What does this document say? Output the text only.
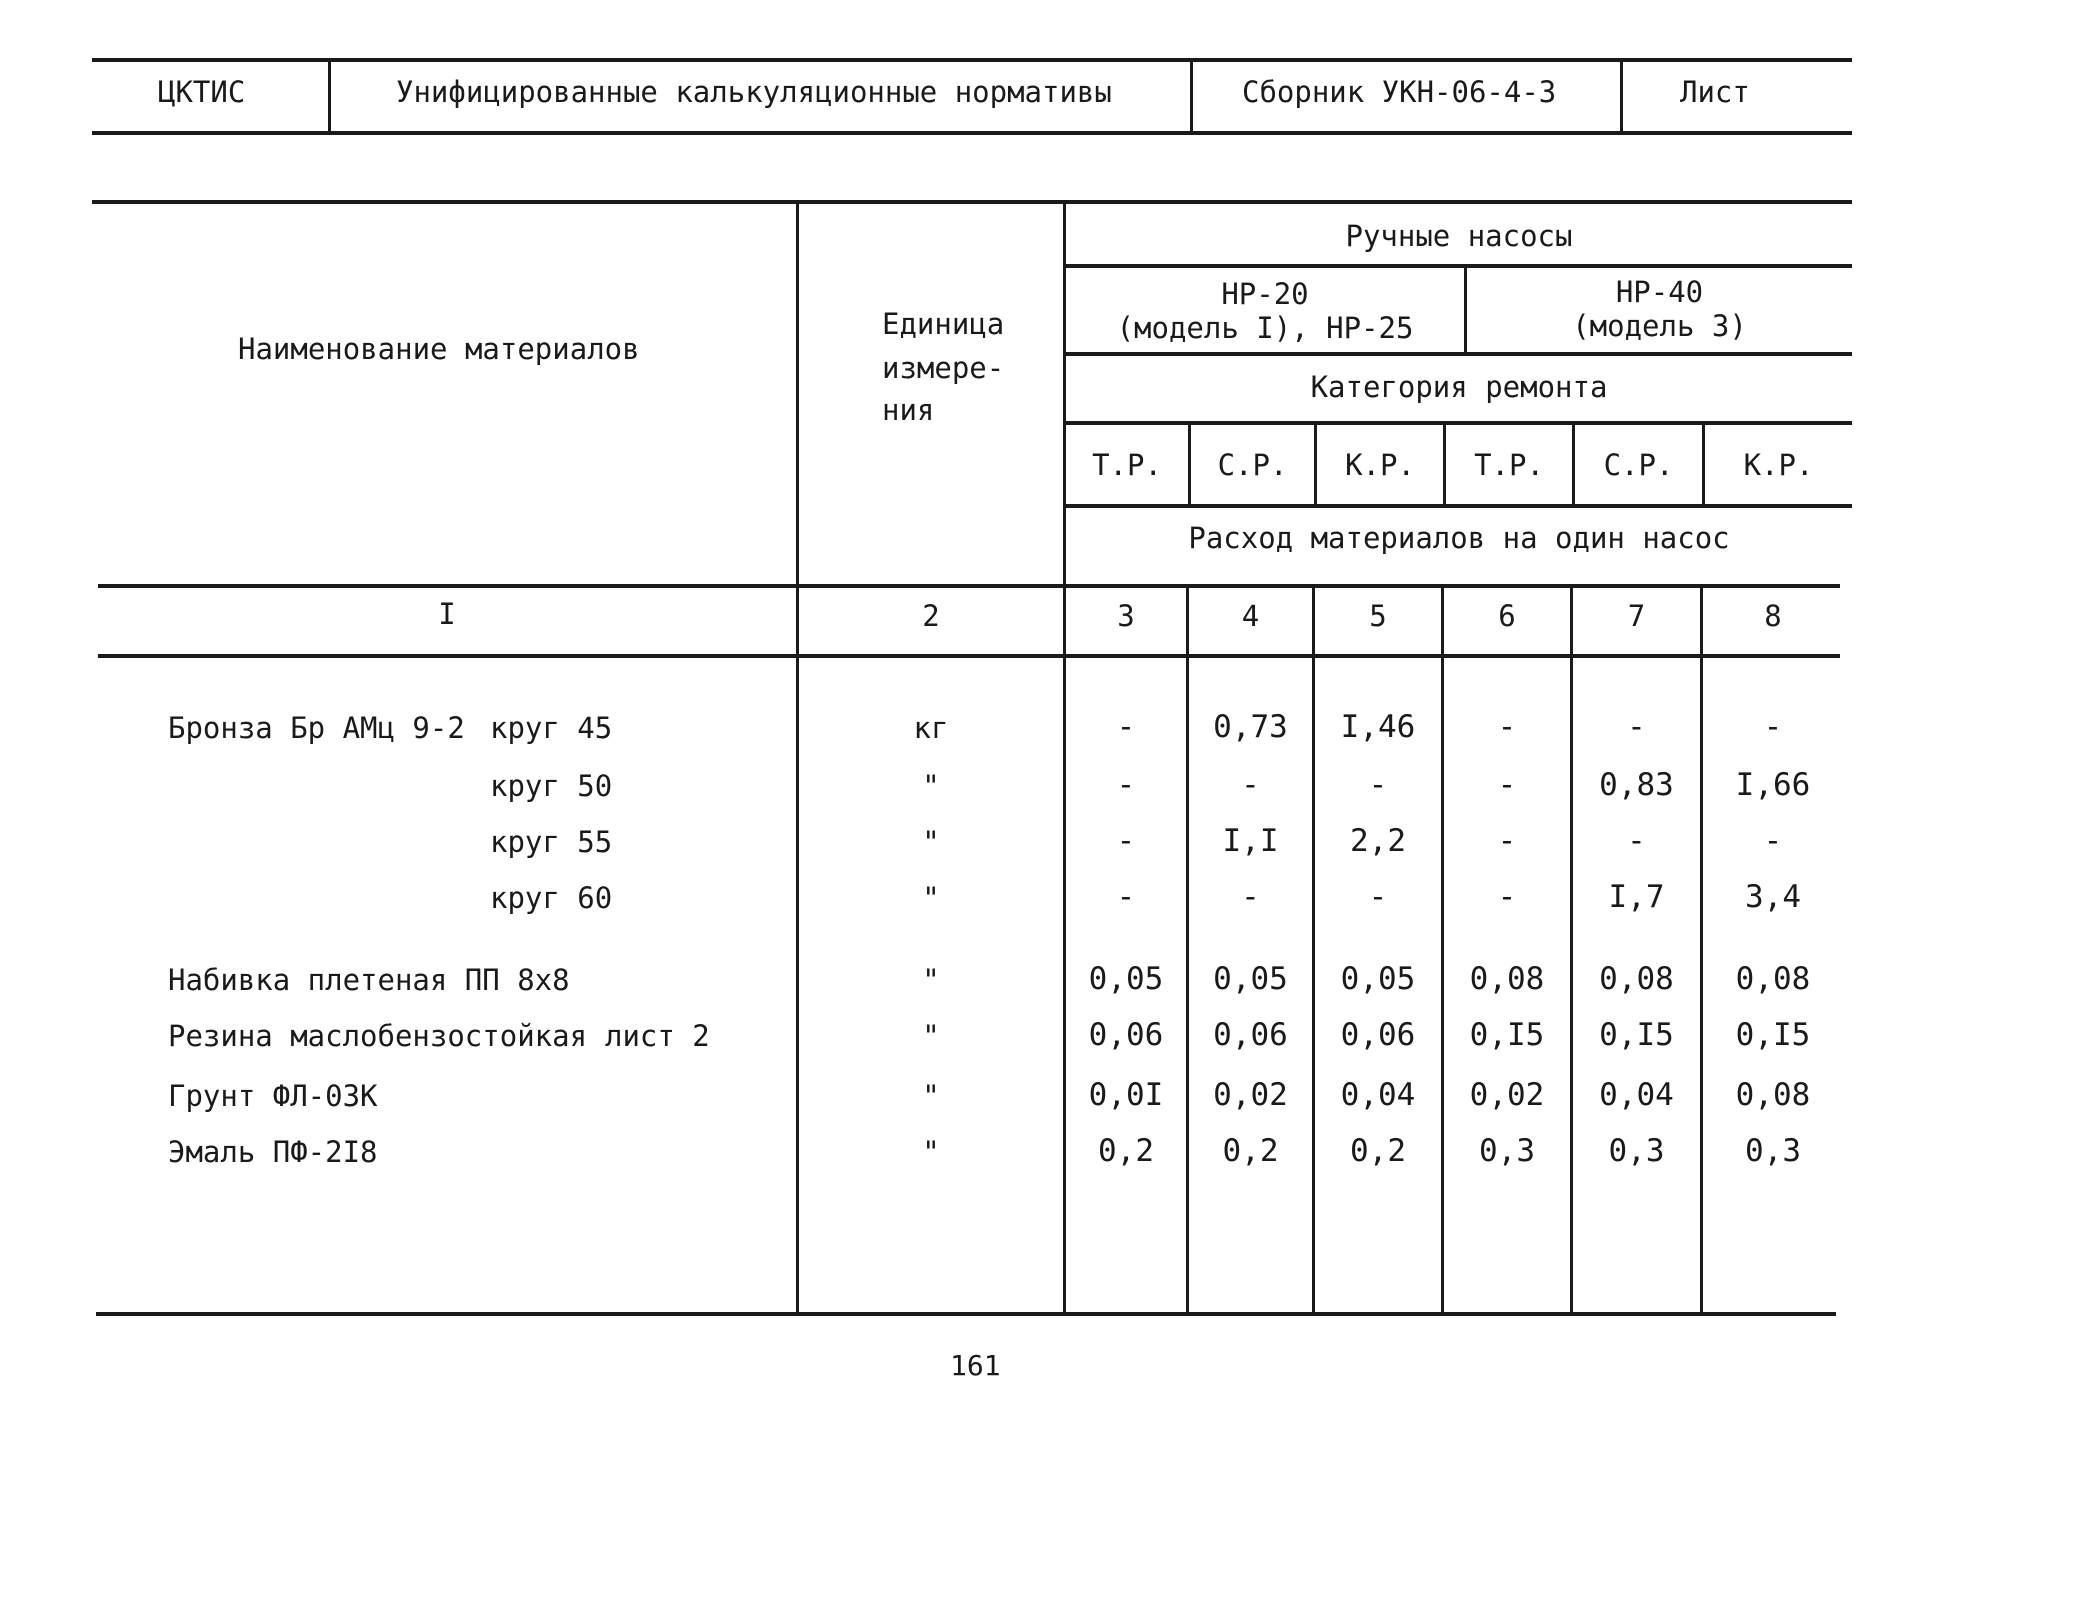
ЦКТИС	Унифицированные калькуляционные нормативы	Сборник УКН-06-4-3	Лист
Наименование материалов
Единица
измере-
ния
Ручные насосы
НР-20
(модель I), НР-25
НР-40
(модель 3)
Категория ремонта
Т.Р.	С.Р.	К.Р.	Т.Р.	С.Р.	К.Р.
Расход материалов на один насос
I	2	3	4	5	6	7	8
Бронза Бр АМц 9-2 круг 45	кг	-	0,73	I,46	-	-	-
круг 50	"	-	-	-	-	0,83	I,66
круг 55	"	-	I,I	2,2	-	-	-
круг 60	"	-	-	-	-	I,7	3,4
Набивка плетеная ПП 8х8	"	0,05	0,05	0,05	0,08	0,08	0,08
Резина маслобензостойкая лист 2	"	0,06	0,06	0,06	0,I5	0,I5	0,I5
Грунт ФЛ-03К	"	0,0I	0,02	0,04	0,02	0,04	0,08
Эмаль ПФ-2I8	"	0,2	0,2	0,2	0,3	0,3	0,3
161
